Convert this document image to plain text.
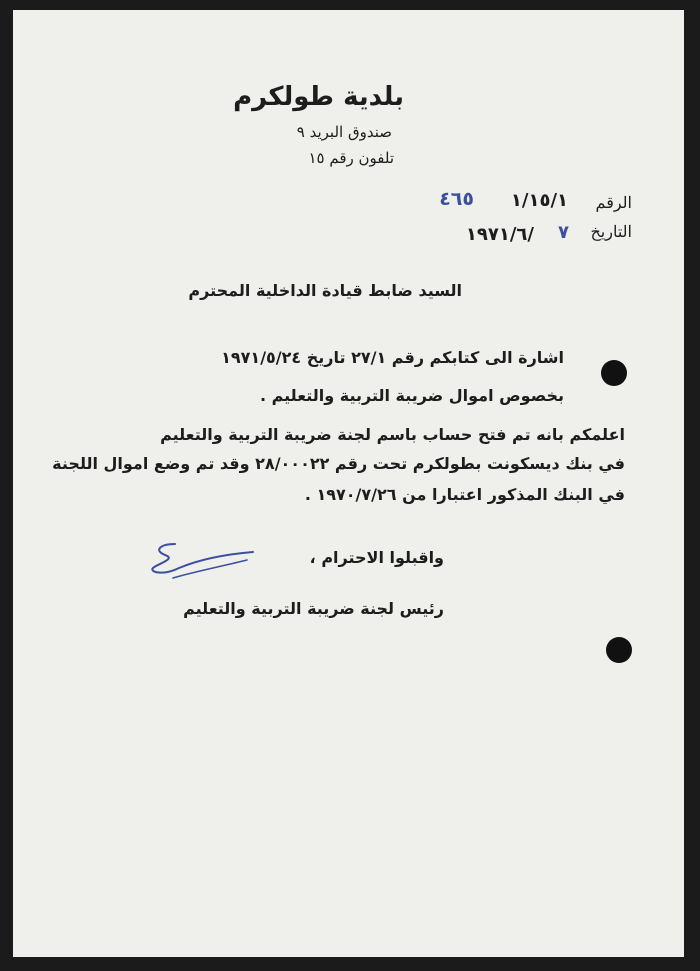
بلدية طولكرم
صندوق البريد ٩
تلفون رقم ١٥
الرقم
١/١٥/١
٤٦٥
التاريخ
٧
١٩٧١/٦/
السيد ضابط قيادة الداخلية المحترم
اشارة الى كتابكم رقم ٢٧/١ تاريخ ١٩٧١/٥/٢٤
بخصوص اموال ضريبة التربية والتعليم .
اعلمكم بانه تم فتح حساب باسم لجنة ضريبة التربية والتعليم
في بنك ديسكونت بطولكرم تحت رقم ٢٨/٠٠٠٢٢ وقد تم وضع اموال اللجنة
في البنك المذكور اعتبارا من ١٩٧٠/٧/٢٦ .
واقبلوا الاحترام ،
رئيس لجنة ضريبة التربية والتعليم
